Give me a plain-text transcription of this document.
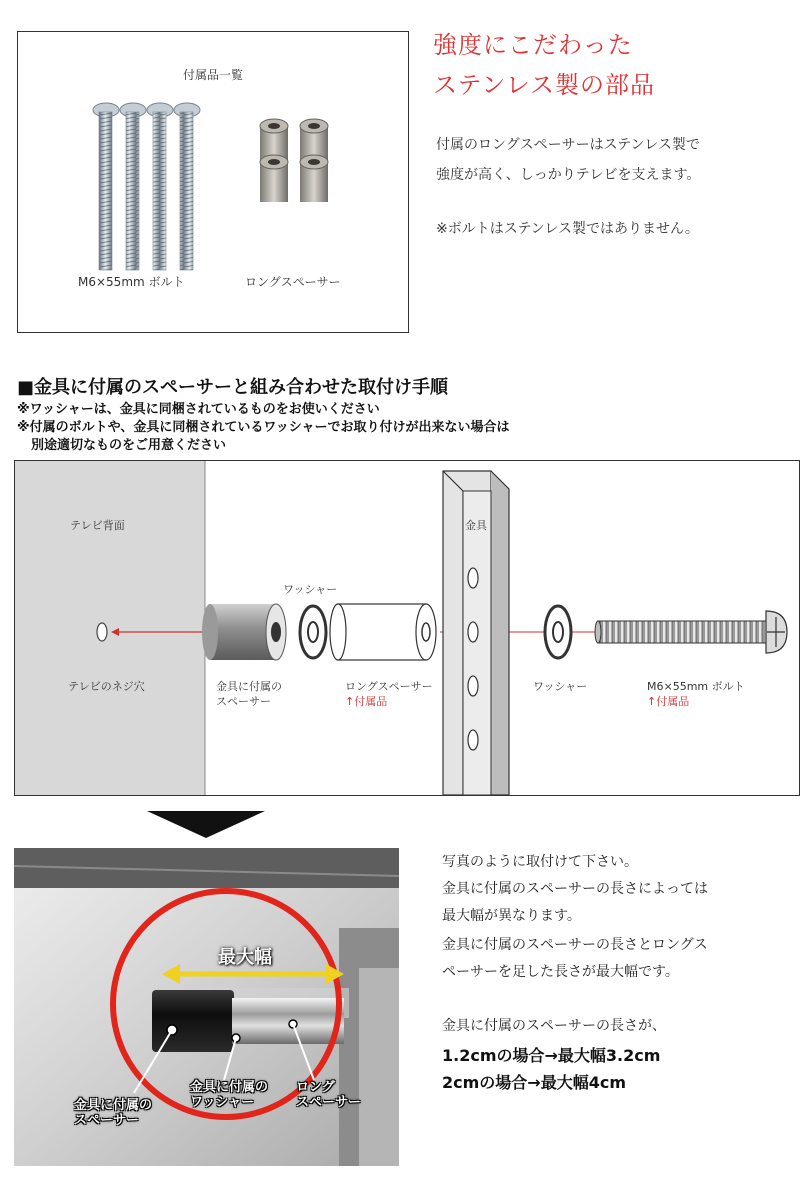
付属品一覧
M6×55mm ボルト	ロングスペーサー
強度にこだわった
ステンレス製の部品
付属のロングスペーサーはステンレス製で
強度が高く、しっかりテレビを支えます。
※ボルトはステンレス製ではありません。
■金具に付属のスペーサーと組み合わせた取付け手順
※ワッシャーは、金具に同梱されているものをお使いください
※付属のボルトや、金具に同梱されているワッシャーでお取り付けが出来ない場合は
別途適切なものをご用意ください
テレビ背面
テレビのネジ穴
金具
ワッシャー
金具に付属の
スペーサー
ロングスペーサー
↑付属品
ワッシャー	M6×55mm ボルト
↑付属品
最大幅
金具に付属の
スペーサー
金具に付属の
ワッシャー
ロング
スペーサー
写真のように取付けて下さい。
金具に付属のスペーサーの長さによっては
最大幅が異なります。
金具に付属のスペーサーの長さとロングス
ペーサーを足した長さが最大幅です。
金具に付属のスペーサーの長さが、
1.2cmの場合→最大幅3.2cm
2cmの場合→最大幅4cm
